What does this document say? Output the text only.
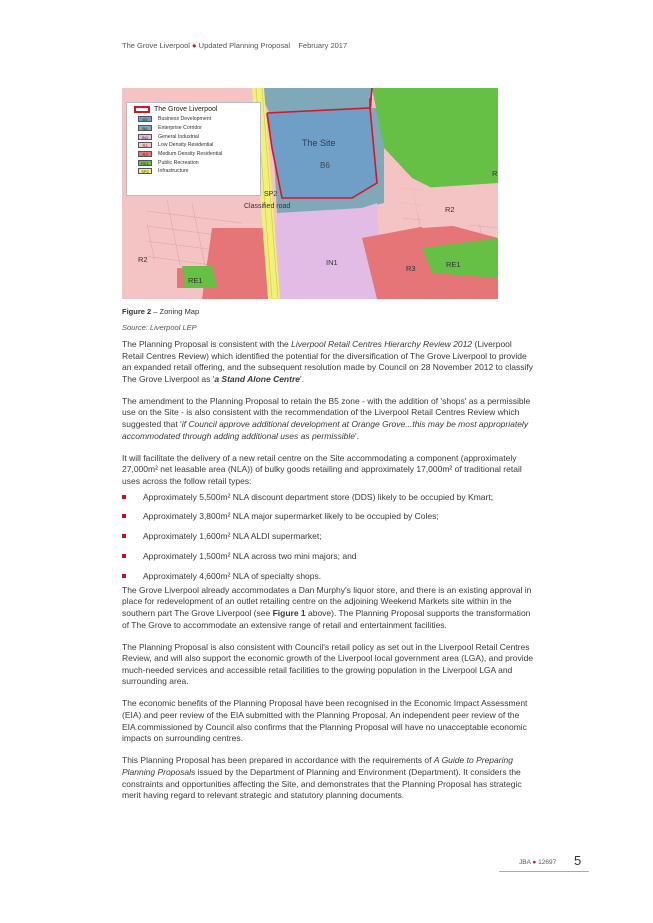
The Grove Liverpool ● Updated Planning Proposal February 2017
The Site
B6
SP2
Classified road	R2
R
R2
RE1
IN1
R3	RE1
The Grove Liverpool
B5	Business Development
B6	Enterprise Corridor
IN1	General Industrial
R2	Low Density Residential
R3	Medium Density Residential
RE1	Public Recreation
SP2	Infrastructure
Figure 2 – Zoning Map
Source: Liverpool LEP

The Planning Proposal is consistent with the Liverpool Retail Centres Hierarchy Review 2012 (Liverpool Retail Centres Review) which identified the potential for the diversification of The Grove Liverpool to provide an expanded retail offering, and the subsequent resolution made by Council on 28 November 2012 to classify The Grove Liverpool as 'a Stand Alone Centre'.

The amendment to the Planning Proposal to retain the B5 zone - with the addition of 'shops' as a permissible use on the Site - is also consistent with the recommendation of the Liverpool Retail Centres Review which suggested that 'if Council approve additional development at Orange Grove...this may be most appropriately accommodated through adding additional uses as permissible'.

It will facilitate the delivery of a new retail centre on the Site accommodating a component (approximately 27,000m² net leasable area (NLA)) of bulky goods retailing and approximately 17,000m² of traditional retail uses across the follow retail types:

Approximately 5,500m² NLA discount department store (DDS) likely to be occupied by Kmart;
Approximately 3,800m² NLA major supermarket likely to be occupied by Coles;
Approximately 1,600m² NLA ALDI supermarket;
Approximately 1,500m² NLA across two mini majors; and
Approximately 4,600m² NLA of specialty shops.

The Grove Liverpool already accommodates a Dan Murphy's liquor store, and there is an existing approval in place for redevelopment of an outlet retailing centre on the adjoining Weekend Markets site within in the southern part The Grove Liverpool (see Figure 1 above). The Planning Proposal supports the transformation of The Grove to accommodate an extensive range of retail and entertainment facilities.

The Planning Proposal is also consistent with Council's retail policy as set out in the Liverpool Retail Centres Review, and will also support the economic growth of the Liverpool local government area (LGA), and provide much-needed services and accessible retail facilities to the growing population in the Liverpool LGA and surrounding area.

The economic benefits of the Planning Proposal have been recognised in the Economic Impact Assessment (EIA) and peer review of the EIA submitted with the Planning Proposal. An independent peer review of the EIA commissioned by Council also confirms that the Planning Proposal will have no unacceptable economic impacts on surrounding centres.

This Planning Proposal has been prepared in accordance with the requirements of A Guide to Preparing Planning Proposals issued by the Department of Planning and Environment (Department). It considers the constraints and opportunities affecting the Site, and demonstrates that the Planning Proposal has strategic merit having regard to relevant strategic and statutory planning documents.

JBA ● 12697 5
